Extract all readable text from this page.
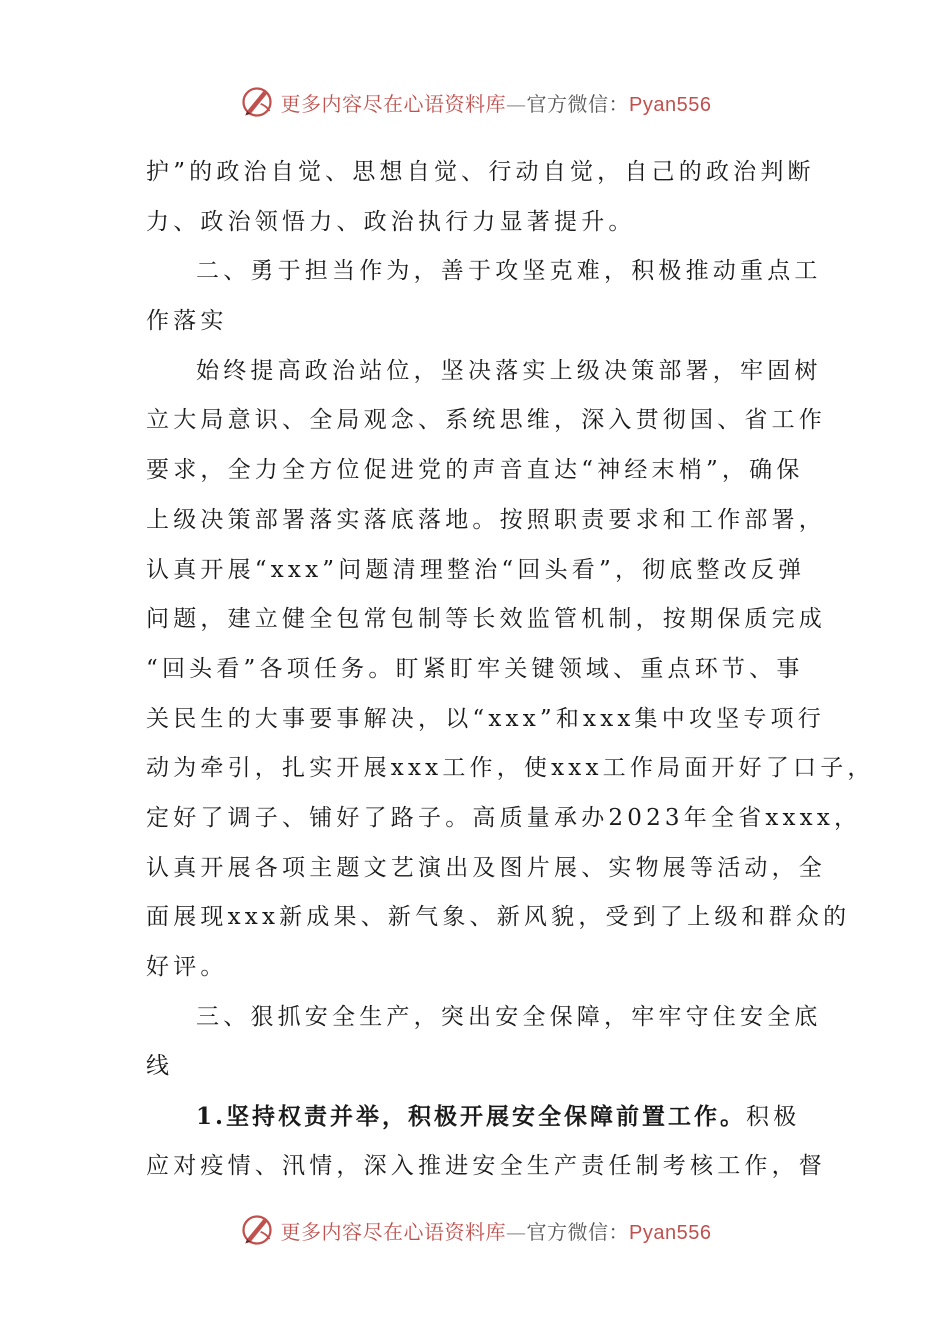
更多内容尽在心语资料库—官方微信：Pyan556
护”的政治自觉、思想自觉、行动自觉，自己的政治判断
力、政治领悟力、政治执行力显著提升。
二、勇于担当作为，善于攻坚克难，积极推动重点工
作落实
始终提高政治站位，坚决落实上级决策部署，牢固树
立大局意识、全局观念、系统思维，深入贯彻国、省工作
要求，全力全方位促进党的声音直达“神经末梢”，确保
上级决策部署落实落底落地。按照职责要求和工作部署，
认真开展“xxx”问题清理整治“回头看”，彻底整改反弹
问题，建立健全包常包制等长效监管机制，按期保质完成
“回头看”各项任务。盯紧盯牢关键领域、重点环节、事
关民生的大事要事解决，以“xxx”和xxx集中攻坚专项行
动为牵引，扎实开展xxx工作，使xxx工作局面开好了口子，
定好了调子、铺好了路子。高质量承办2023年全省xxxx，
认真开展各项主题文艺演出及图片展、实物展等活动，全
面展现xxx新成果、新气象、新风貌，受到了上级和群众的
好评。
三、狠抓安全生产，突出安全保障，牢牢守住安全底
线
1.坚持权责并举，积极开展安全保障前置工作。积极
应对疫情、汛情，深入推进安全生产责任制考核工作，督
更多内容尽在心语资料库—官方微信：Pyan556
